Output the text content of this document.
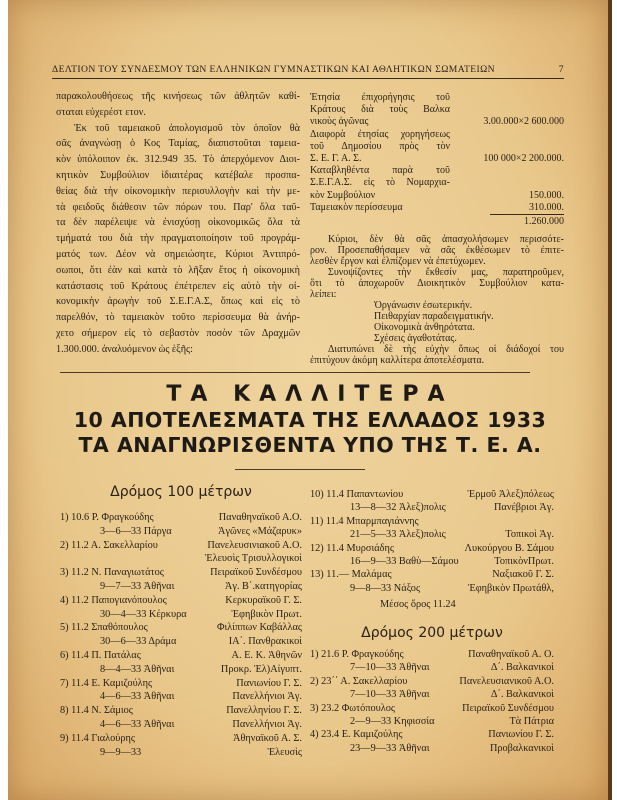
ΔΕΛΤΙΟΝ ΤΟΥ ΣΥΝΔΕΣΜΟΥ ΤΩΝ ΕΛΛΗΝΙΚΩΝ ΓΥΜΝΑΣΤΙΚΩΝ ΚΑΙ ΑΘΛΗΤΙΚΩΝ ΣΩΜΑΤΕΙΩΝ	7
παρακολουθήσεως τῆς κινήσεως τῶν ἀθλητῶν καθί-
σταται εὐχερέστ ετον.
Ἐκ τοῦ ταμειακοῦ ἀπολογισμοῦ τὸν ὁποῖον θὰ
σᾶς ἀναγνώσῃ ὁ Κος Ταμίας, διαπιστοῦται ταμεια-
κὸν ὑπόλοιπον ἐκ. 312.949 35. Τὸ ἀπερχόμενον Διοι-
κητικὸν Συμβούλιον ἰδιαιτέρας κατέβαλε προσπα-
θείας διὰ τὴν οἰκονομικὴν περισυλλογὴν καὶ τὴν με-
τὰ φειδοῦς διάθεσιν τῶν πόρων του. Παρ' ὅλα ταῦ-
τα δὲν παρέλειψε νὰ ἐνισχύσῃ οἰκονομικῶς ὅλα τὰ
τμήματά του διὰ τὴν πραγματοποίησιν τοῦ προγράμ-
ματός των. Δέον νὰ σημειώσητε, Κύριοι Ἀντιπρό-
σωποι, ὅτι ἐὰν καὶ κατὰ τὸ λῆξαν ἔτος ἡ οἰκονομικὴ
κατάστασις τοῦ Κράτους ἐπέτρεπεν εἰς αὐτὸ τὴν οἰ-
κονομικὴν ἀρωγὴν τοῦ Σ.Ε.Γ.Α.Σ, ὅπως καὶ εἰς τὸ
παρελθόν, τὸ ταμειακὸν τοῦτο περίσσευμα θὰ ἀνήρ-
χετο σήμερον εἰς τὸ σεβαστὸν ποσὸν τῶν Δραχμῶν
1.300.000. ἀναλυόμενον ὡς ἑξῆς:
Ἐτησία ἐπιχορήγησις τοῦ
Κράτους διὰ τοὺς Βαλκα
νικοὺς ἀγῶνας	3.00.000×2 600.000
Διαφορὰ ἐτησίας χορηγήσεως
τοῦ Δημοσίου πρὸς τὸν
Σ. Ε. Γ. Α. Σ.	100 000×2 200.000.
Καταβληθέντα παρὰ τοῦ
Σ.Ε.Γ.Α.Σ. εἰς τὸ Νομαρχια-
κὸν Συμβούλιον	150.000.
Ταμειακὸν περίσσευμα	310.000.
1.260.000
Κύριοι, δὲν θὰ σᾶς ἀπασχολήσωμεν περισσότε-
ρον. Προσεπαθήσαμεν νὰ σᾶς ἐκθέσωμεν τὸ ἐπιτε-
λεσθὲν ἔργον καὶ ἐλπίζομεν νὰ ἐπετύχωμεν.
Συνοψίζοντες τὴν ἔκθεσίν μας, παρατηροῦμεν,
ὅτι τὸ ἀποχωροῦν Διοικητικὸν Συμβούλιον κατα-
λείπει:
Ὀργάνωσιν ἐσωτερικήν.
Πειθαρχίαν παραδειγματικήν.
Οἰκονομικὰ ἀνθηρότατα.
Σχέσεις ἀγαθοτάτας.
Διατυπώνει δὲ τὴς εὐχὴν ὅπως οἱ διάδοχοί του
ἐπιτύχουν ἀκόμη καλλίτερα ἀποτελέσματα.
ΤΑ ΚΑΛΛΙΤΕΡΑ
10 ΑΠΟΤΕΛΕΣΜΑΤΑ ΤΗΣ ΕΛΛΑΔΟΣ 1933
ΤΑ ΑΝΑΓΝΩΡΙΣΘΕΝΤΑ ΥΠΟ ΤΗΣ Τ. Ε. Α.
Δρόμος 100 μέτρων
1) 10.6 Ρ. Φραγκούδης	Παναθηναϊκοῦ Α.Ο.
3—6—33 Πάργα	Ἀγῶνες «Μάζαρυκ»
2) 11.2 Α. Σακελλαρίου	Πανελευσινιακοῦ Α.Ο.
Ἐλευσὶς Τρισυλλογικοὶ
3) 11.2 Ν. Παναγιωτάτος	Πειραϊκοῦ Συνδέσμου
9—7—33 Ἀθῆναι	Ἀγ. Β΄.κατηγορίας
4) 11.2 Παπογιανόπουλος	Κερκυραϊκοῦ Γ. Σ.
30—4—33 Κέρκυρα	Ἐφηβικὸν Πρωτ.
5) 11.2 Σπαθόπουλος	Φιλίππων Καβάλλας
30—6—33 Δράμα	ΙΑ΄. Πανθρακικοὶ
6) 11.4 Π. Πατάλας	Α. Ε. Κ. Ἀθηνῶν
8—4—33 Ἀθῆναι	Προκρ. Ἑλ)Αἰγυπτ.
7) 11.4 Ε. Καμιζούλης	Πανιωνίου Γ. Σ.
4—6—33 Ἀθῆναι	Πανελλήνιοι Ἀγ.
8) 11.4 Ν. Σάμιος	Πανελληνίου Γ. Σ.
4—6—33 Ἀθῆναι	Πανελλήνιοι Ἀγ.
9) 11.4 Γιαλούρης	Ἀθηναϊκοῦ Α. Σ.
9—9—33	Ἐλευσὶς
10) 11.4 Παπαντωνίου	Ἑρμοῦ Ἀλεξ)πόλεως
13—8—32 Ἀλεξ)πολις	Πανέβριοι Ἀγ.
11) 11.4 Μπαρμπαγιάννης
21—5—33 Ἀλεξ)πολις	Τοπικοὶ Ἀγ.
12) 11.4 Μυρσιάδης	Λυκούργου Β. Σάμου
16—9—33 Βαθὺ—Σάμου	ΤοπικὸνΠρωτ.
13) 11.— Μαλάμας	Ναξιακοῦ Γ. Σ.
9—8—33 Νάξος	Ἐφηβικὸν Πρωτάθλ,
Μέσος ὅρος 11.24
Δρόμος 200 μέτρων
1) 21.6 Ρ. Φραγκούδης	Παναθηναϊκοῦ Α. Ο.
7—10—33 Ἀθῆναι	Δ΄. Βαλκανικοὶ
2) 23΄΄ Α. Σακελλαρίου	Πανελευσιανικοῦ Α.Ο.
7—10—33 Ἀθῆναι	Δ΄. Βαλκανικοὶ
3) 23.2 Φωτόπουλος	Πειραϊκοῦ Συνδέσμου
2—9—33 Κηφισσία	Τὰ Πάτρια
4) 23.4 Ε. Καμιζούλης	Πανιωνίου Γ. Σ.
23—9—33 Ἀθῆναι	Προβαλκανικοὶ
